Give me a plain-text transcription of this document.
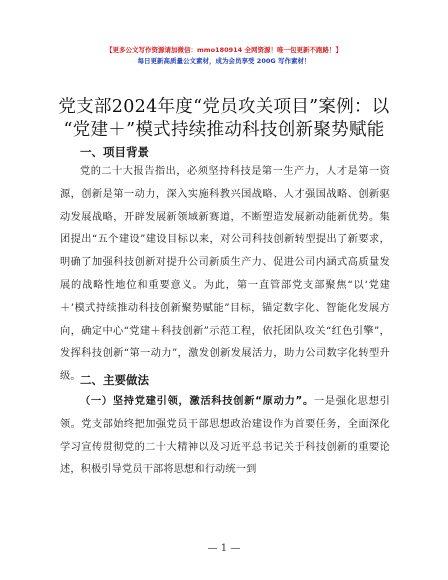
【更多公文写作资源请加微信：mmo180914 全网资源！唯一包更新不跑路！】
每日更新高质量公文素材，成为会员享受 200G 写作素材！
党支部2024年度“党员攻关项目”案例：以
“党建＋”模式持续推动科技创新聚势赋能
一、项目背景
党的二十大报告指出，必须坚持科技是第一生产力，人才是第一资源，创新是第一动力，深入实施科教兴国战略、人才强国战略、创新驱动发展战略，开辟发展新领域新赛道，不断塑造发展新动能新优势。集团提出“五个建设”建设目标以来，对公司科技创新转型提出了新要求，明确了加强科技创新对提升公司新质生产力、促进公司内涵式高质量发展的战略性地位和重要意义。为此，第一直管部党支部聚焦“以‘党建＋’模式持续推动科技创新聚势赋能”目标，锚定数字化、智能化发展方向，确定中心“党建＋科技创新”示范工程，依托团队攻关“红色引擎”，发挥科技创新“第一动力”，激发创新发展活力，助力公司数字化转型升级。 二、主要做法
（一）坚持党建引领，激活科技创新“原动力”。一是强化思想引领。党支部始终把加强党员干部思想政治建设作为首要任务，全面深化学习宣传贯彻党的二十大精神以及习近平总书记关于科技创新的重要论述，积极引导党员干部将思想和行动统一到
— 1 —
